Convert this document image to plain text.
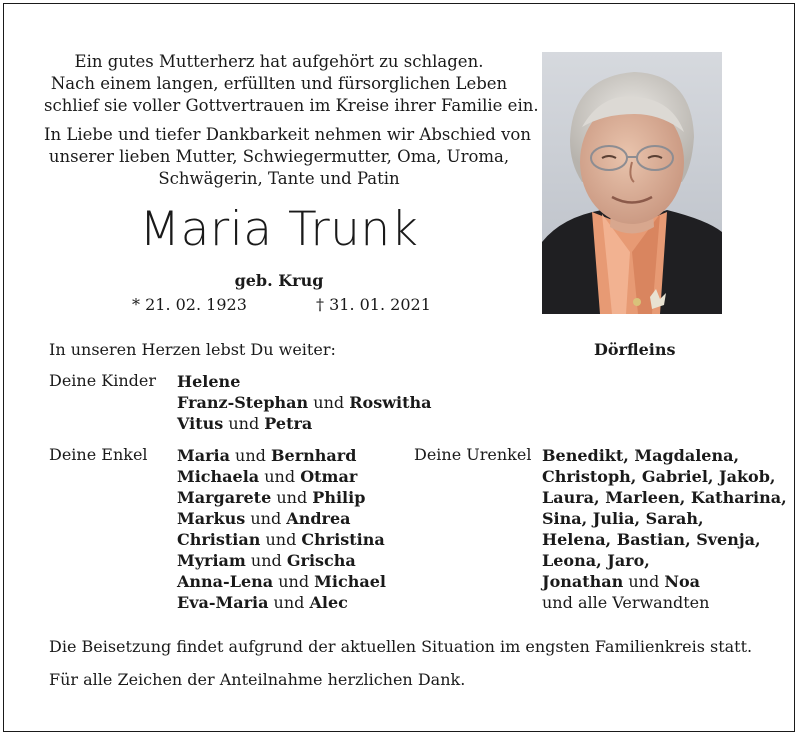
Ein gutes Mutterherz hat aufgehört zu schlagen.
Nach einem langen, erfüllten und fürsorglichen Leben
schlief sie voller Gottvertrauen im Kreise ihrer Familie ein.
In Liebe und tiefer Dankbarkeit nehmen wir Abschied von
unserer lieben Mutter, Schwiegermutter, Oma, Uroma,
Schwägerin, Tante und Patin
Maria Trunk
geb. Krug
* 21. 02. 1923	† 31. 01. 2021
In unseren Herzen lebst Du weiter:	Dörfleins
Deine Kinder Helene
Franz-Stephan und Roswitha
Vitus und Petra
Deine Enkel Maria und Bernhard
Michaela und Otmar
Margarete und Philip
Markus und Andrea
Christian und Christina
Myriam und Grischa
Anna-Lena und Michael
Eva-Maria und Alec
Deine Urenkel Benedikt, Magdalena,
Christoph, Gabriel, Jakob,
Laura, Marleen, Katharina,
Sina, Julia, Sarah,
Helena, Bastian, Svenja,
Leona, Jaro,
Jonathan und Noa
und alle Verwandten
Die Beisetzung findet aufgrund der aktuellen Situation im engsten Familienkreis statt.
Für alle Zeichen der Anteilnahme herzlichen Dank.
